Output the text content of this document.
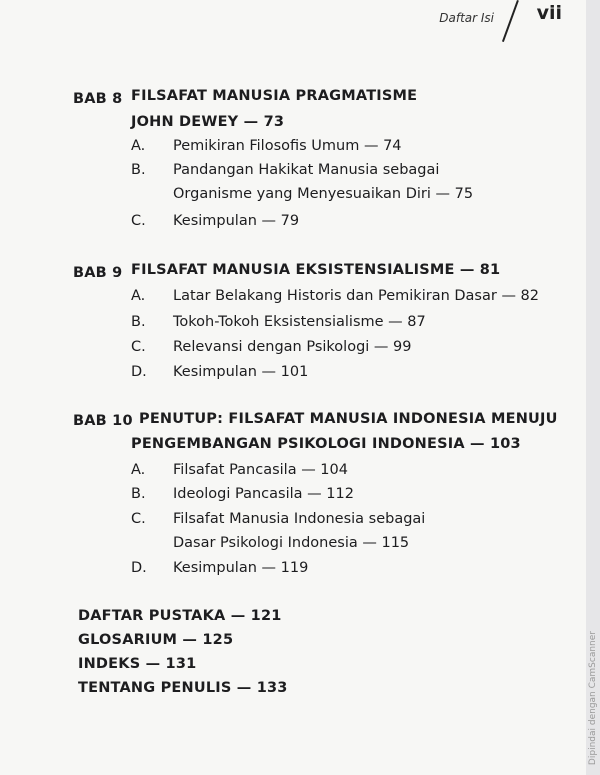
Daftar Isi vii
BAB 8 FILSAFAT MANUSIA PRAGMATISME
JOHN DEWEY — 73
A. Pemikiran Filosofis Umum — 74
B. Pandangan Hakikat Manusia sebagai
Organisme yang Menyesuaikan Diri — 75
C. Kesimpulan — 79
BAB 9 FILSAFAT MANUSIA EKSISTENSIALISME — 81
A. Latar Belakang Historis dan Pemikiran Dasar — 82
B. Tokoh-Tokoh Eksistensialisme — 87
C. Relevansi dengan Psikologi — 99
D. Kesimpulan — 101
BAB 10 PENUTUP: FILSAFAT MANUSIA INDONESIA MENUJU
PENGEMBANGAN PSIKOLOGI INDONESIA — 103
A. Filsafat Pancasila — 104
B. Ideologi Pancasila — 112
C. Filsafat Manusia Indonesia sebagai
Dasar Psikologi Indonesia — 115
D. Kesimpulan — 119
DAFTAR PUSTAKA — 121
GLOSARIUM — 125
INDEKS — 131
TENTANG PENULIS — 133	Dipindai dengan CamScanner
